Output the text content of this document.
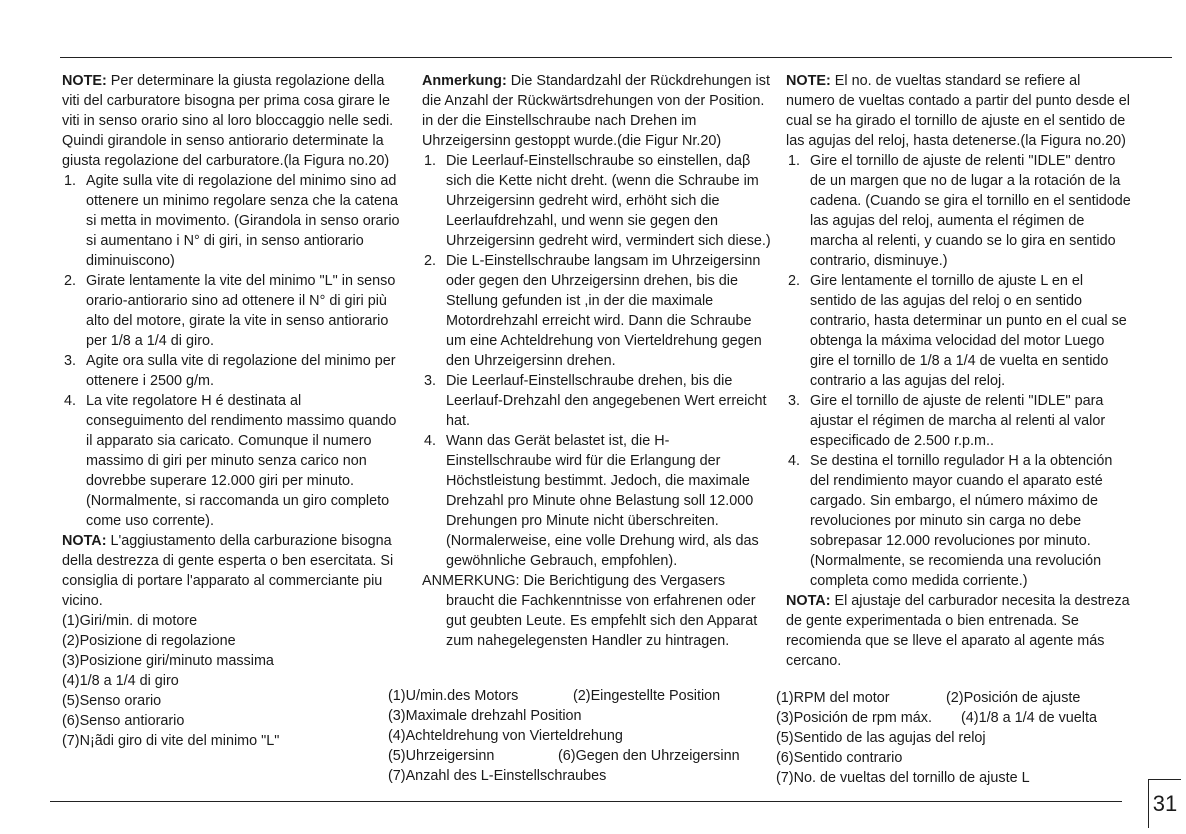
NOTE: Per determinare la giusta regolazione della viti del carburatore bisogna per prima cosa girare le viti in senso orario sino al loro bloccaggio nelle sedi. Quindi girandole in senso antiorario determinate la giusta regolazione del carburatore.(la Figura no.20)

1. Agite sulla vite di regolazione del minimo sino ad ottenere un minimo regolare senza che la catena si metta in movimento. (Girandola in senso orario si aumentano i N° di giri, in senso antiorario diminuiscono)
2. Girate lentamente la vite del minimo "L" in senso orario-antiorario sino ad ottenere il N° di giri più alto del motore, girate la vite in senso antiorario per 1/8 a 1/4 di giro.
3. Agite ora sulla vite di regolazione del minimo per ottenere i 2500 g/m.
4. La vite regolatore H é destinata al conseguimento del rendimento massimo quando il apparato sia caricato. Comunque il numero massimo di giri per minuto senza carico non dovrebbe superare 12.000 giri per minuto.(Normalmente, si raccomanda un giro completo come uso corrente).

NOTA: L'aggiustamento della carburazione bisogna della destrezza di gente esperta o ben esercitata. Si consiglia di portare l'apparato al commerciante piu vicino.

(1)Giri/min. di motore
(2)Posizione di regolazione
(3)Posizione giri/minuto massima
(4)1/8 a 1/4 di giro
(5)Senso orario
(6)Senso antiorario
(7)N¡ãdi giro di vite del minimo "L"

Anmerkung: Die Standardzahl der Rückdrehungen ist die Anzahl der Rückwärtsdrehungen von der Position. in der die Einstellschraube nach Drehen im Uhrzeigersinn gestoppt wurde.(die Figur Nr.20)

1. Die Leerlauf-Einstellschraube so einstellen, daβ sich die Kette nicht dreht. (wenn die Schraube im Uhrzeigersinn gedreht wird, erhöht sich die Leerlaufdrehzahl, und wenn sie gegen den Uhrzeigersinn gedreht wird, vermindert sich diese.)
2. Die L-Einstellschraube langsam im Uhrzeigersinn oder gegen den Uhrzeigersinn drehen, bis die Stellung gefunden ist ,in der die maximale Motordrehzahl erreicht wird. Dann die Schraube um eine Achteldrehung von Vierteldrehung gegen den Uhrzeigersinn drehen.
3. Die Leerlauf-Einstellschraube drehen, bis die Leerlauf-Drehzahl den angegebenen Wert erreicht hat.
4. Wann das Gerät belastet ist, die H-Einstellschraube wird für die Erlangung der Höchstleistung bestimmt. Jedoch, die maximale Drehzahl pro Minute ohne Belastung soll 12.000 Drehungen pro Minute nicht überschreiten. (Normalerweise, eine volle Drehung wird, als das gewöhnliche Gebrauch, empfohlen).

ANMERKUNG: Die Berichtigung des Vergasers braucht die Fachkenntnisse von erfahrenen oder gut geubten Leute. Es empfehlt sich den Apparat zum nahegelegensten Handler zu hintragen.

(1)U/min.des Motors	(2)Eingestellte Position
(3)Maximale drehzahl Position
(4)Achteldrehung von Vierteldrehung
(5)Uhrzeigersinn	(6)Gegen den Uhrzeigersinn
(7)Anzahl des L-Einstellschraubes

NOTE: El no. de vueltas standard se refiere al numero de vueltas contado a partir del punto desde el cual se ha girado el tornillo de ajuste en el sentido de las agujas del reloj, hasta detenerse.(la Figura no.20)

1. Gire el tornillo de ajuste de relenti "IDLE" dentro de un margen que no de lugar a la rotación de la cadena. (Cuando se gira el tornillo en el sentidode las agujas del reloj, aumenta el régimen de marcha al relenti, y cuando se lo gira en sentido contrario, disminuye.)
2. Gire lentamente el tornillo de ajuste L en el sentido de las agujas del reloj o en sentido contrario, hasta determinar un punto en el cual se obtenga la máxima velocidad del motor Luego gire el tornillo de 1/8 a 1/4 de vuelta en sentido contrario a las agujas del reloj.
3. Gire el tornillo de ajuste de relenti "IDLE" para ajustar el régimen de marcha al relenti al valor especificado de 2.500 r.p.m..
4. Se destina el tornillo regulador H a la obtención del rendimiento mayor cuando el aparato esté cargado. Sin embargo, el número máximo de revoluciones por minuto sin carga no debe sobrepasar 12.000 revoluciones por minuto. (Normalmente, se recomienda una revolución completa como medida corriente.)

NOTA: El ajustaje del carburador necesita la destreza de gente experimentada o bien entrenada. Se recomienda que se lleve el aparato al agente más cercano.

(1)RPM del motor	(2)Posición de ajuste
(3)Posición de rpm máx.	(4)1/8 a 1/4 de vuelta
(5)Sentido de las agujas del reloj
(6)Sentido contrario
(7)No. de vueltas del tornillo de ajuste L
31
